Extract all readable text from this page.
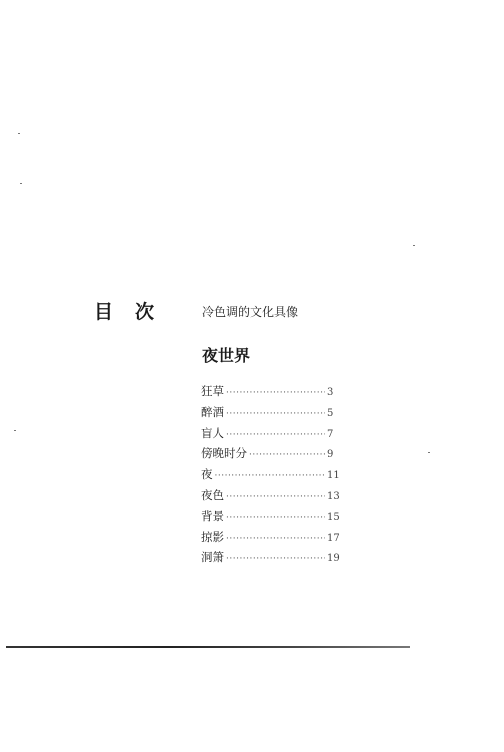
目 次	冷色调的文化具像
夜世界
狂草 ·····	3
醉酒 ·····	5
盲人 ·····	7
傍晚时分 ·····	9
夜 ·····	11
夜色 ·····	13
背景 ·····	15
掠影 ·····	17
洞箫 ·····	19
